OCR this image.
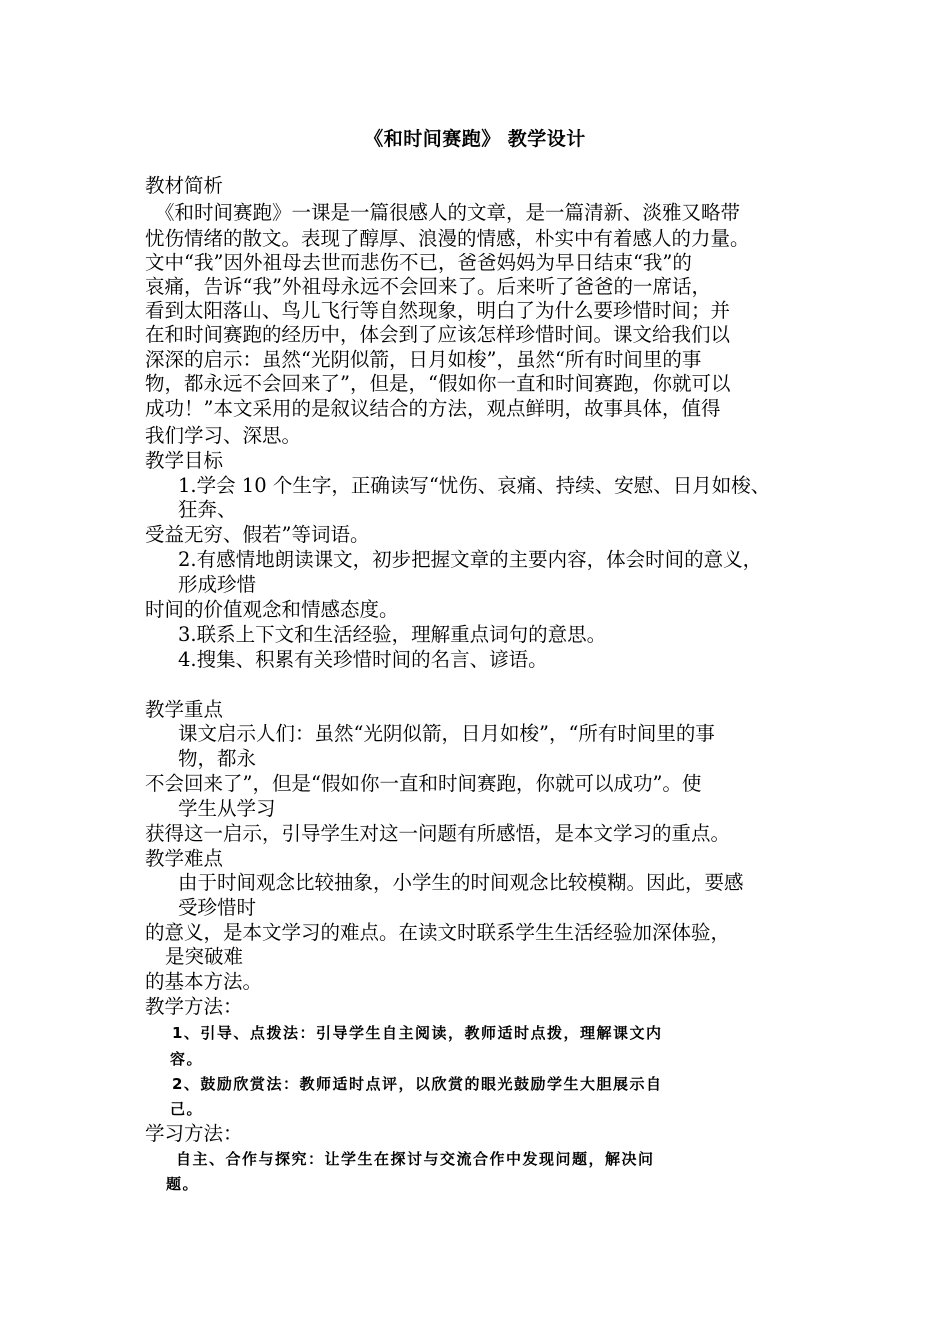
《和时间赛跑》 教学设计
教材简析
《和时间赛跑》一课是一篇很感人的文章，是一篇清新、淡雅又略带
忧伤情绪的散文。表现了醇厚、浪漫的情感，朴实中有着感人的力量。
文中“我”因外祖母去世而悲伤不已，爸爸妈妈为早日结束“我”的
哀痛，告诉“我”外祖母永远不会回来了。后来听了爸爸的一席话，
看到太阳落山、鸟儿飞行等自然现象，明白了为什么要珍惜时间；并
在和时间赛跑的经历中，体会到了应该怎样珍惜时间。课文给我们以
深深的启示：虽然“光阴似箭，日月如梭”，虽然“所有时间里的事
物，都永远不会回来了”，但是，“假如你一直和时间赛跑，你就可以
成功！”本文采用的是叙议结合的方法，观点鲜明，故事具体，值得
我们学习、深思。
教学目标
1.学会 10 个生字，正确读写“忧伤、哀痛、持续、安慰、日月如梭、
狂奔、
受益无穷、假若”等词语。
2.有感情地朗读课文，初步把握文章的主要内容，体会时间的意义，
形成珍惜
时间的价值观念和情感态度。
3.联系上下文和生活经验，理解重点词句的意思。
4.搜集、积累有关珍惜时间的名言、谚语。
教学重点
课文启示人们：虽然“光阴似箭，日月如梭”，“所有时间里的事
物，都永
不会回来了”，但是“假如你一直和时间赛跑，你就可以成功”。使
学生从学习
获得这一启示，引导学生对这一问题有所感悟，是本文学习的重点。
教学难点
由于时间观念比较抽象，小学生的时间观念比较模糊。因此，要感
受珍惜时
的意义，是本文学习的难点。在读文时联系学生生活经验加深体验，
是突破难
的基本方法。
教学方法：
1、引导、点拨法：引导学生自主阅读，教师适时点拨，理解课文内
容。
2、鼓励欣赏法：教师适时点评，以欣赏的眼光鼓励学生大胆展示自
己。
学习方法：
自主、合作与探究：让学生在探讨与交流合作中发现问题，解决问
题。
